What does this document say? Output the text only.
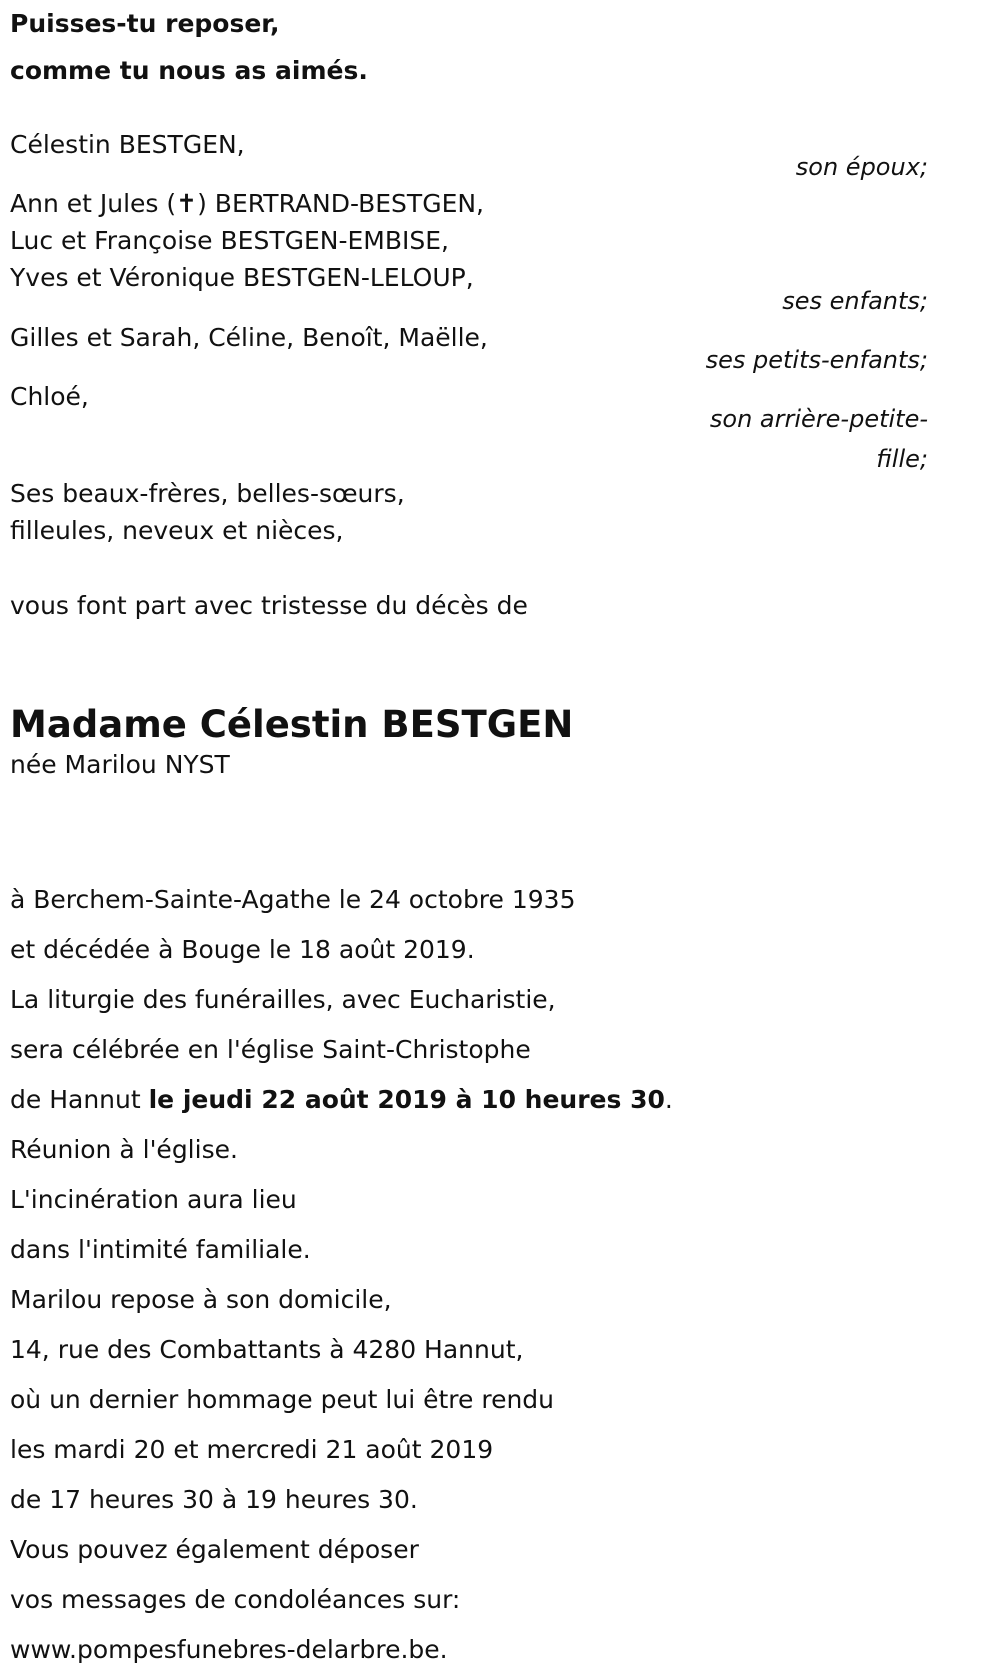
Puisses-tu reposer,
comme tu nous as aimés.
Célestin BESTGEN,
son époux;
Ann et Jules (✝) BERTRAND-BESTGEN,
Luc et Françoise BESTGEN-EMBISE,
Yves et Véronique BESTGEN-LELOUP,
ses enfants;
Gilles et Sarah, Céline, Benoît, Maëlle,
ses petits-enfants;
Chloé,
son arrière-petite-fille;
Ses beaux-frères, belles-sœurs,
filleules, neveux et nièces,
vous font part avec tristesse du décès de
Madame Célestin BESTGEN
née Marilou NYST
à Berchem-Sainte-Agathe le 24 octobre 1935
et décédée à Bouge le 18 août 2019.
La liturgie des funérailles, avec Eucharistie,
sera célébrée en l'église Saint-Christophe
de Hannut le jeudi 22 août 2019 à 10 heures 30.
Réunion à l'église.
L'incinération aura lieu
dans l'intimité familiale.
Marilou repose à son domicile,
14, rue des Combattants à 4280 Hannut,
où un dernier hommage peut lui être rendu
les mardi 20 et mercredi 21 août 2019
de 17 heures 30 à 19 heures 30.
Vous pouvez également déposer
vos messages de condoléances sur:
www.pompesfunebres-delarbre.be.
